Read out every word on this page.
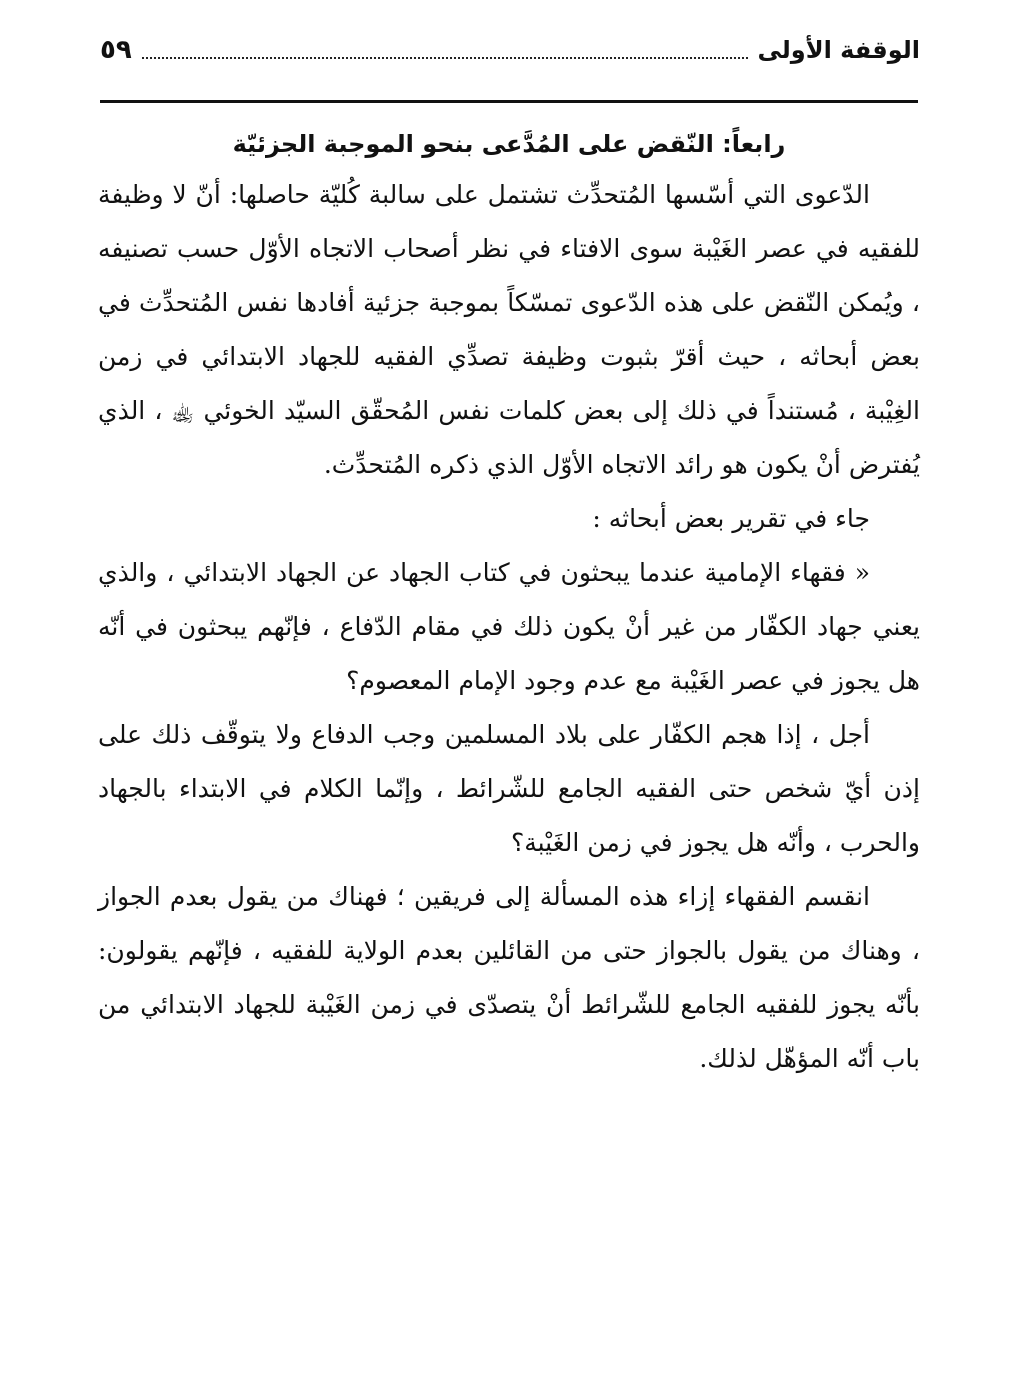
الوقفة الأولى
٥٩
رابعاً: النّقض على المُدَّعى بنحو الموجبة الجزئيّة

الدّعوى التي أسّسها المُتحدِّث تشتمل على سالبة كُليّة حاصلها: أنّ لا وظيفة للفقيه في عصر الغَيْبة سوى الافتاء في نظر أصحاب الاتجاه الأوّل حسب تصنيفه ، ويُمكن النّقض على هذه الدّعوى تمسّكاً بموجبة جزئية أفادها نفس المُتحدِّث في بعض أبحاثه ، حيث أقرّ بثبوت وظيفة تصدِّي الفقيه للجهاد الابتدائي في زمن الغِيْبة ، مُستنداً في ذلك إلى بعض كلمات نفس المُحقّق السيّد الخوئي ﵀ ، الذي يُفترض أنْ يكون هو رائد الاتجاه الأوّل الذي ذكره المُتحدِّث.

جاء في تقرير بعض أبحاثه :

« فقهاء الإمامية عندما يبحثون في كتاب الجهاد عن الجهاد الابتدائي ، والذي يعني جهاد الكفّار من غير أنْ يكون ذلك في مقام الدّفاع ، فإنّهم يبحثون في أنّه هل يجوز في عصر الغَيْبة مع عدم وجود الإمام المعصوم؟

أجل ، إذا هجم الكفّار على بلاد المسلمين وجب الدفاع ولا يتوقّف ذلك على إذن أيّ شخص حتى الفقيه الجامع للشّرائط ، وإنّما الكلام في الابتداء بالجهاد والحرب ، وأنّه هل يجوز في زمن الغَيْبة؟

انقسم الفقهاء إزاء هذه المسألة إلى فريقين ؛ فهناك من يقول بعدم الجواز ، وهناك من يقول بالجواز حتى من القائلين بعدم الولاية للفقيه ، فإنّهم يقولون: بأنّه يجوز للفقيه الجامع للشّرائط أنْ يتصدّى في زمن الغَيْبة للجهاد الابتدائي من باب أنّه المؤهّل لذلك.
